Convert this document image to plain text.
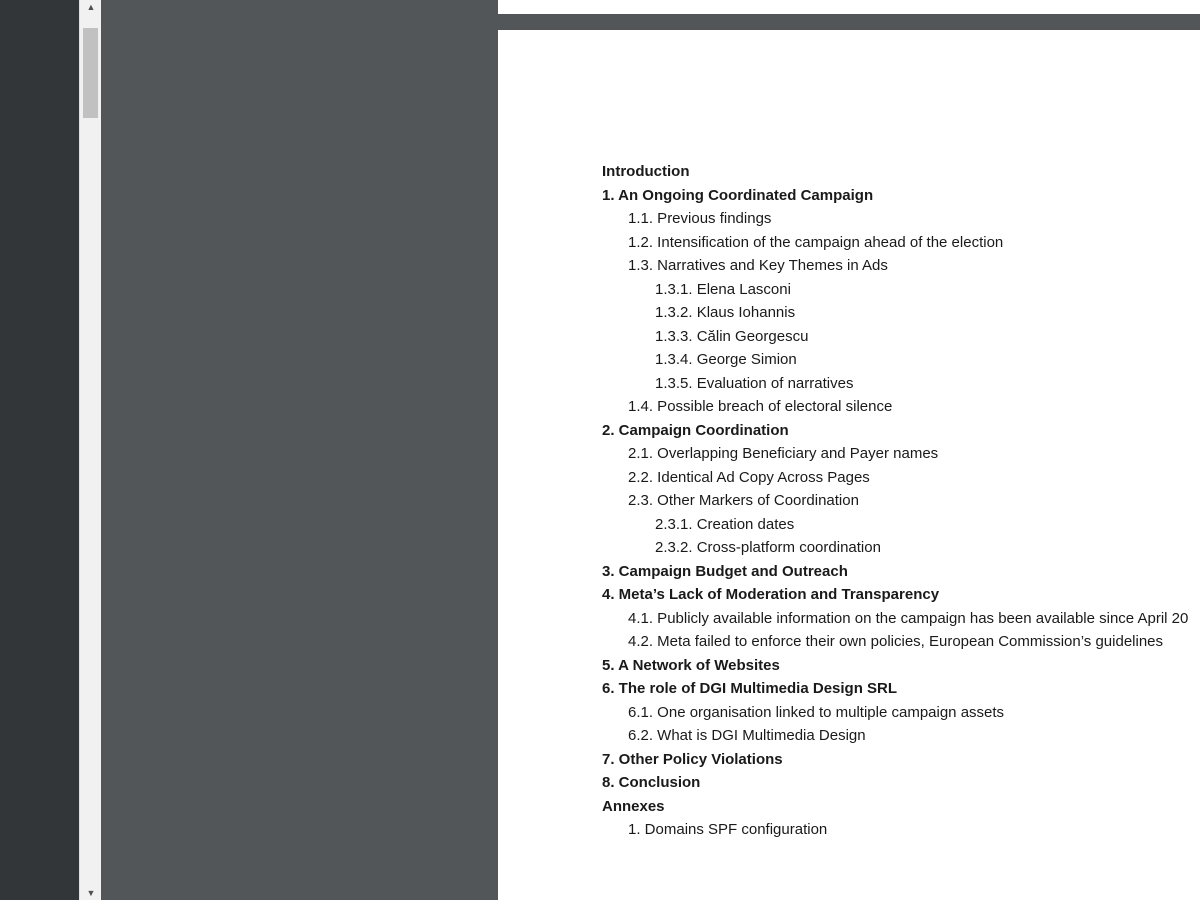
▲
▼
Introduction
1. An Ongoing Coordinated Campaign
1.1. Previous findings
1.2. Intensification of the campaign ahead of the election
1.3. Narratives and Key Themes in Ads
1.3.1. Elena Lasconi
1.3.2. Klaus Iohannis
1.3.3. Călin Georgescu
1.3.4. George Simion
1.3.5. Evaluation of narratives
1.4. Possible breach of electoral silence
2. Campaign Coordination
2.1. Overlapping Beneficiary and Payer names
2.2. Identical Ad Copy Across Pages
2.3. Other Markers of Coordination
2.3.1. Creation dates
2.3.2. Cross-platform coordination
3. Campaign Budget and Outreach
4. Meta’s Lack of Moderation and Transparency
4.1. Publicly available information on the campaign has been available since April 20
4.2. Meta failed to enforce their own policies, European Commission’s guidelines
5. A Network of Websites
6. The role of DGI Multimedia Design SRL
6.1. One organisation linked to multiple campaign assets
6.2. What is DGI Multimedia Design
7. Other Policy Violations
8. Conclusion
Annexes
1. Domains SPF configuration
